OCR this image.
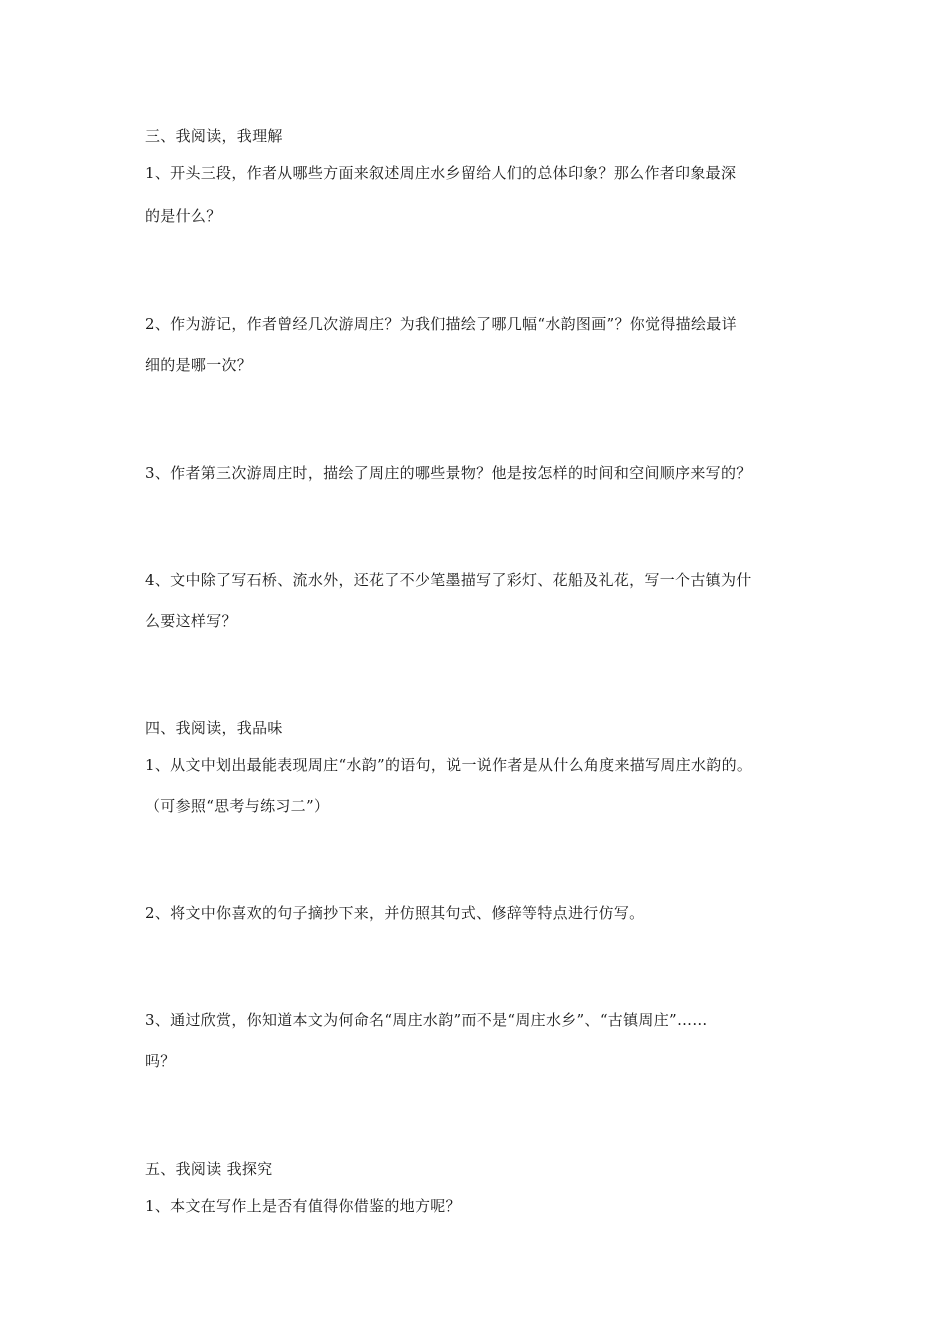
三、我阅读，我理解

1、开头三段，作者从哪些方面来叙述周庄水乡留给人们的总体印象？那么作者印象最深

的是什么？

2、作为游记，作者曾经几次游周庄？为我们描绘了哪几幅“水韵图画”？你觉得描绘最详

细的是哪一次？

3、作者第三次游周庄时，描绘了周庄的哪些景物？他是按怎样的时间和空间顺序来写的？

4、文中除了写石桥、流水外，还花了不少笔墨描写了彩灯、花船及礼花，写一个古镇为什

么要这样写？

四、我阅读，我品味

1、从文中划出最能表现周庄“水韵”的语句，说一说作者是从什么角度来描写周庄水韵的。

（可参照“思考与练习二”）

2、将文中你喜欢的句子摘抄下来，并仿照其句式、修辞等特点进行仿写。

3、通过欣赏，你知道本文为何命名“周庄水韵”而不是“周庄水乡”、“古镇周庄”……

吗？

五、我阅读 我探究

1、本文在写作上是否有值得你借鉴的地方呢？
